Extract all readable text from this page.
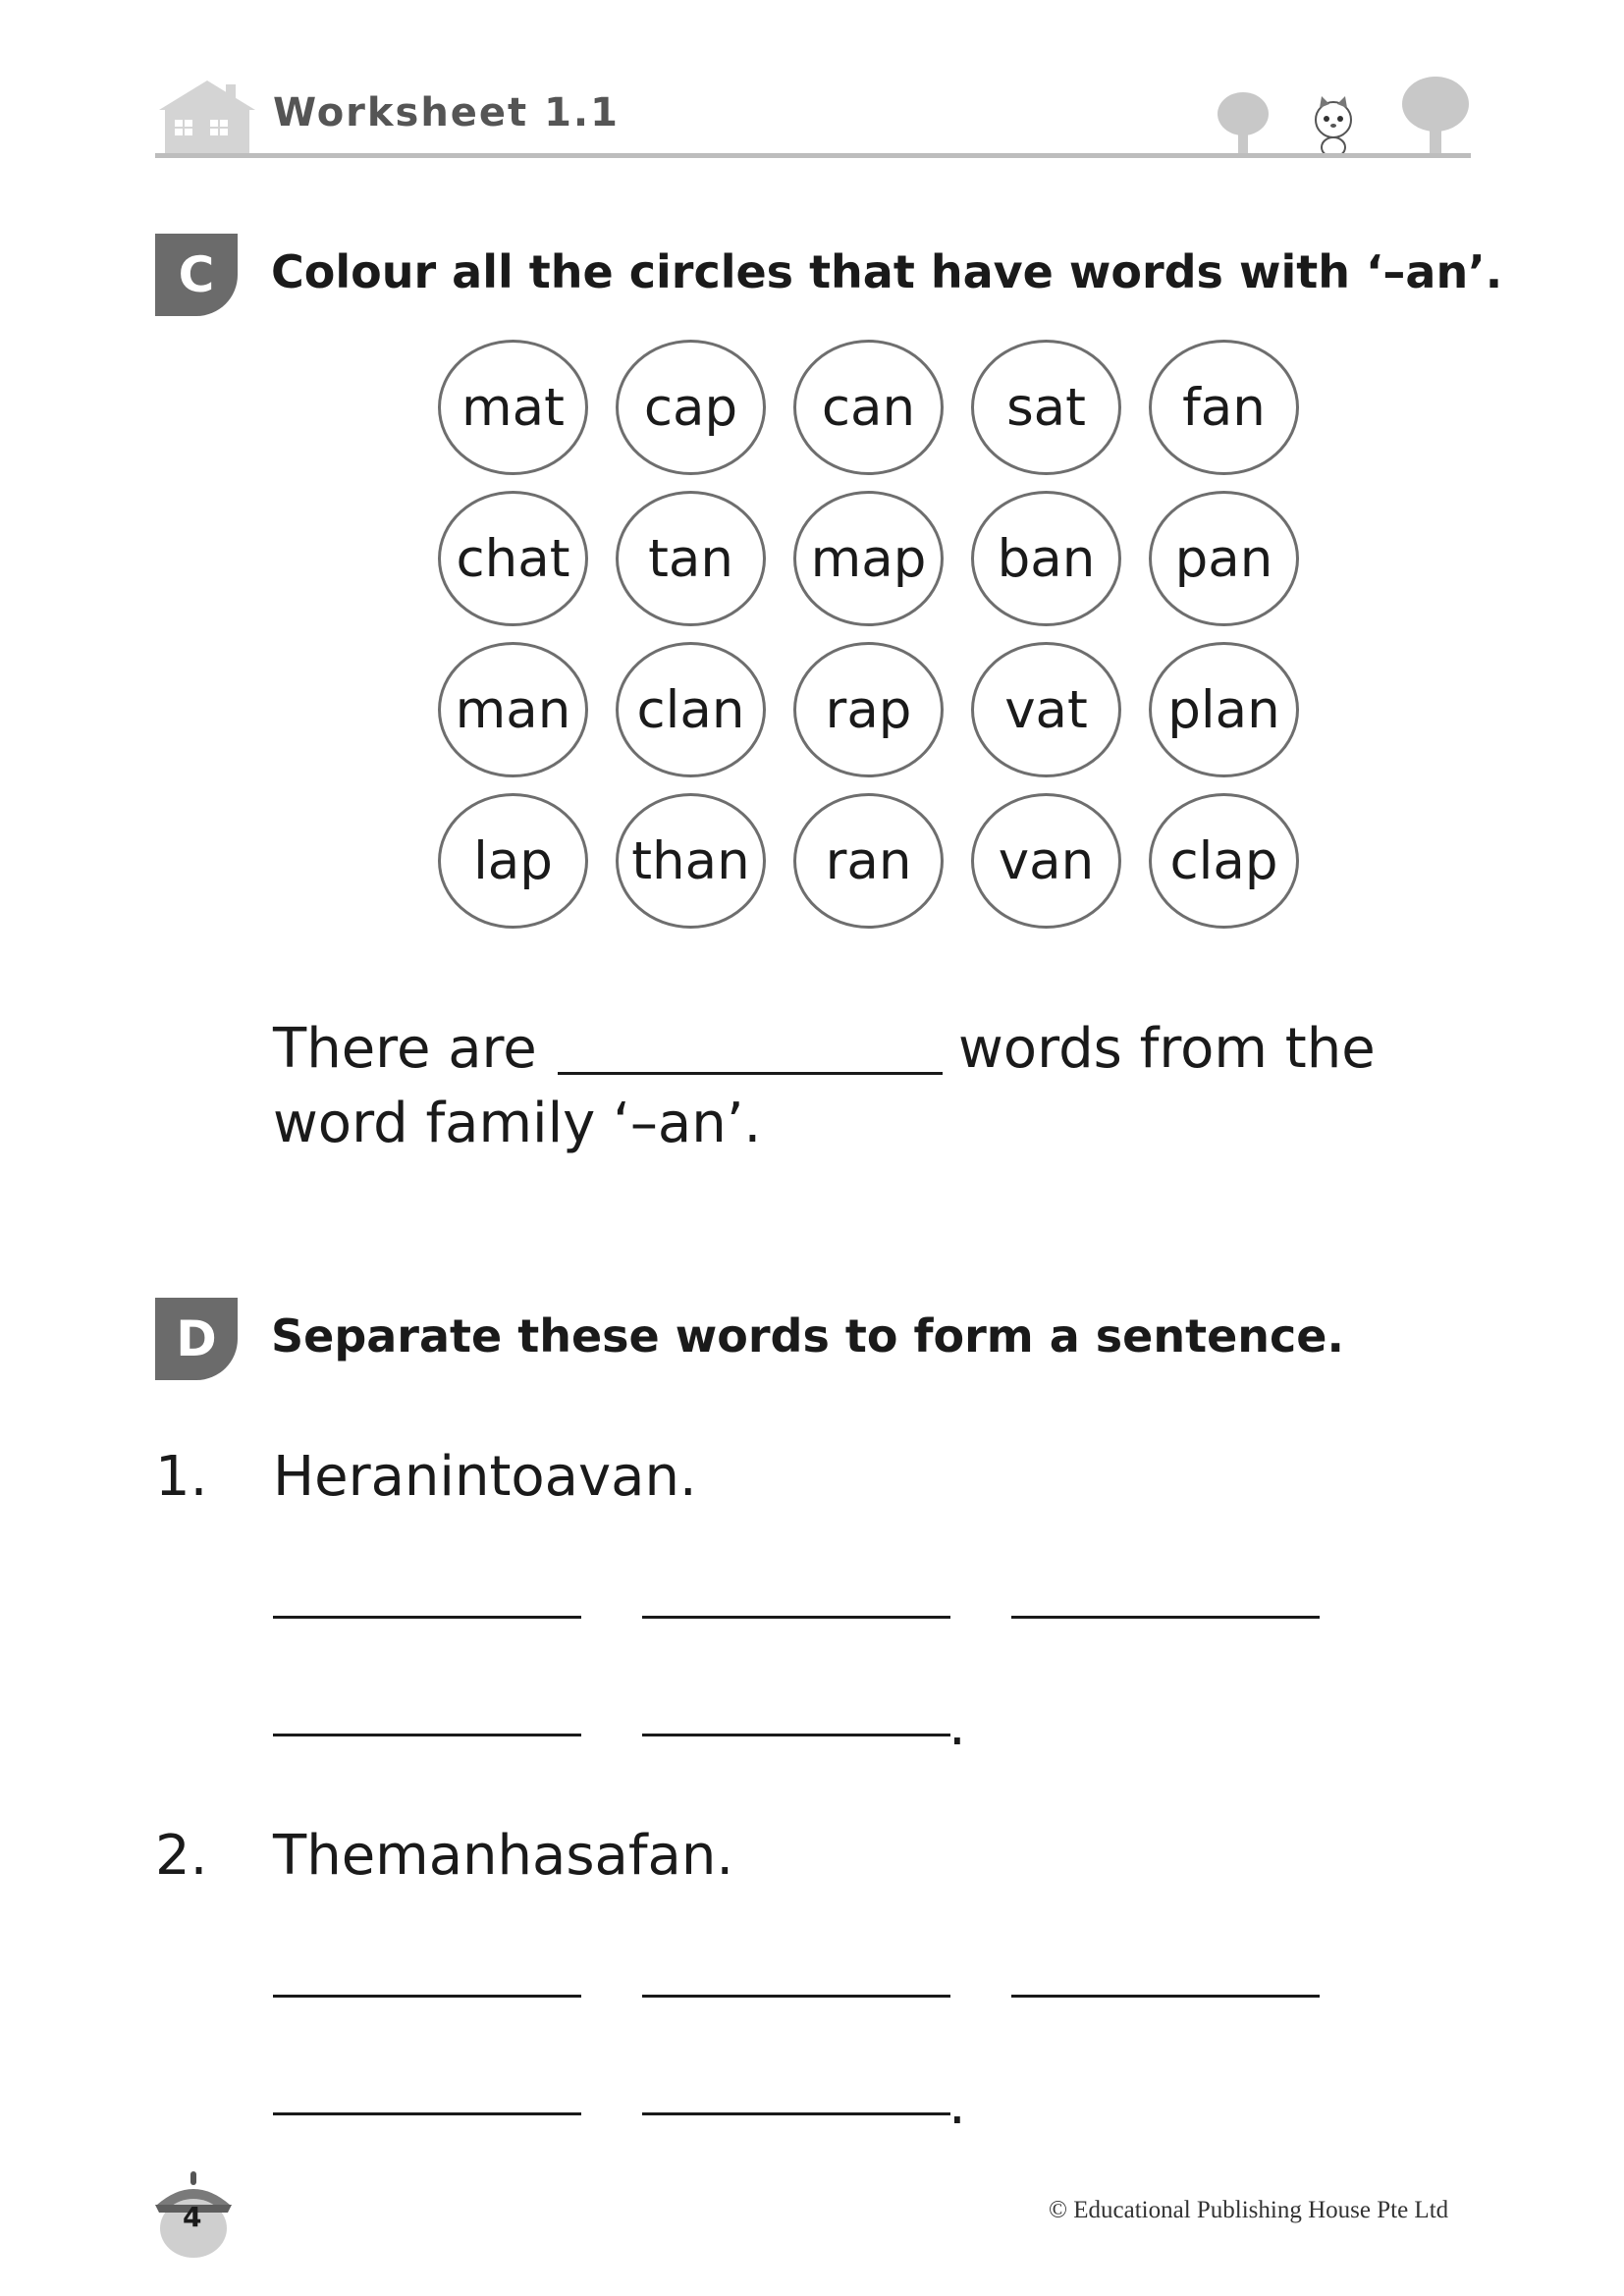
Worksheet 1.1
C	Colour all the circles that have words with ‘–an’.
mat	cap	can	sat	fan
chat	tan	map	ban	pan
man	clan	rap	vat	plan
lap	than	ran	van	clap
There are	words from the
word family ‘–an’.
D	Separate these words to form a sentence.
1. Heranintoavan.
.
2. Themanhasafan.
.
4	© Educational Publishing House Pte Ltd
